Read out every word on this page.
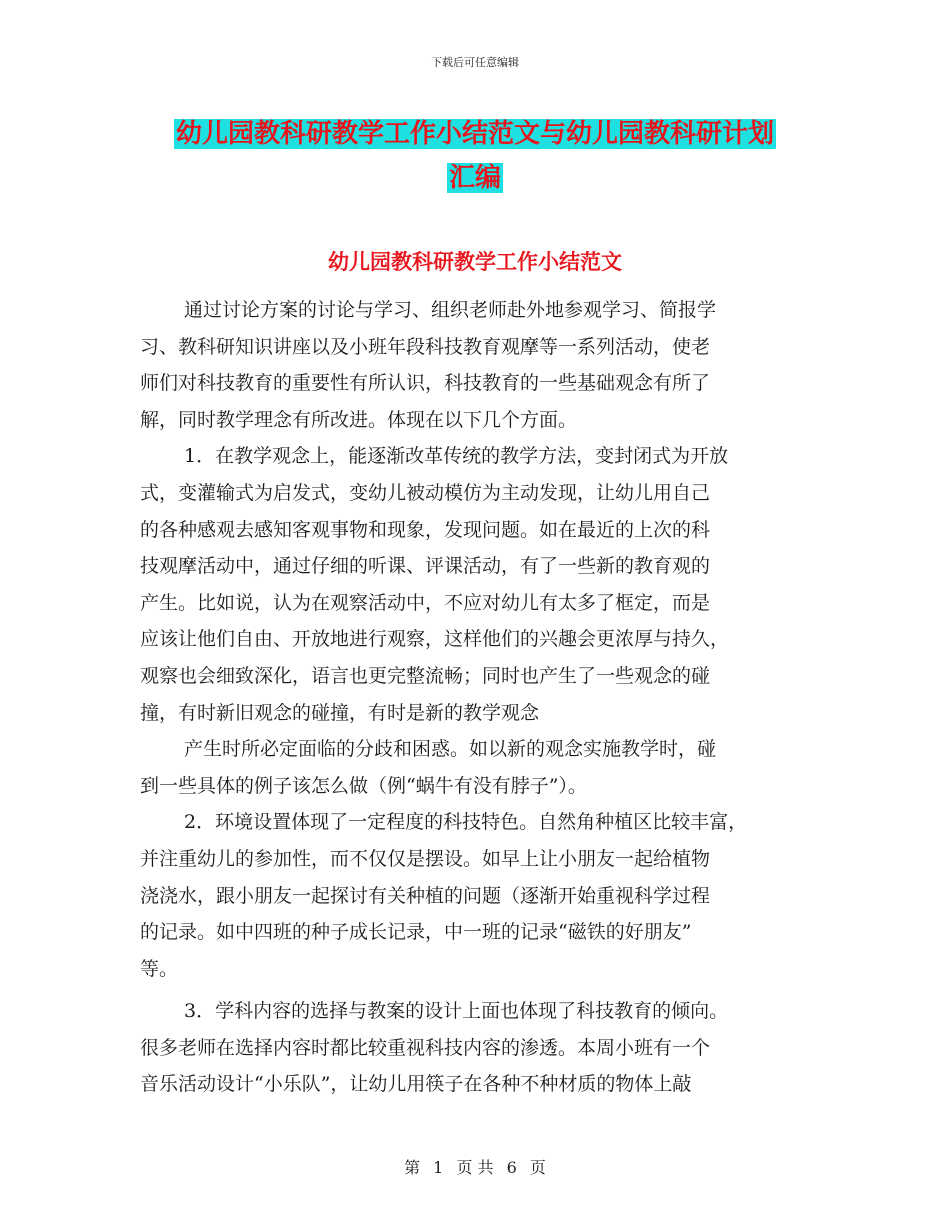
下载后可任意编辑
幼儿园教科研教学工作小结范文与幼儿园教科研计划
汇编
幼儿园教科研教学工作小结范文
通过讨论方案的讨论与学习、组织老师赴外地参观学习、简报学
习、教科研知识讲座以及小班年段科技教育观摩等一系列活动，使老
师们对科技教育的重要性有所认识，科技教育的一些基础观念有所了
解，同时教学理念有所改进。体现在以下几个方面。
1．在教学观念上，能逐渐改革传统的教学方法，变封闭式为开放
式，变灌输式为启发式，变幼儿被动模仿为主动发现，让幼儿用自己
的各种感观去感知客观事物和现象，发现问题。如在最近的上次的科
技观摩活动中，通过仔细的听课、评课活动，有了一些新的教育观的
产生。比如说，认为在观察活动中，不应对幼儿有太多了框定，而是
应该让他们自由、开放地进行观察，这样他们的兴趣会更浓厚与持久，
观察也会细致深化，语言也更完整流畅；同时也产生了一些观念的碰
撞，有时新旧观念的碰撞，有时是新的教学观念
产生时所必定面临的分歧和困惑。如以新的观念实施教学时，碰
到一些具体的例子该怎么做（例“蜗牛有没有脖子”）。
2．环境设置体现了一定程度的科技特色。自然角种植区比较丰富，
并注重幼儿的参加性，而不仅仅是摆设。如早上让小朋友一起给植物
浇浇水，跟小朋友一起探讨有关种植的问题（逐渐开始重视科学过程
的记录。如中四班的种子成长记录，中一班的记录“磁铁的好朋友”
等。
3．学科内容的选择与教案的设计上面也体现了科技教育的倾向。
很多老师在选择内容时都比较重视科技内容的渗透。本周小班有一个
音乐活动设计“小乐队”，让幼儿用筷子在各种不种材质的物体上敲
第 1 页 共 6 页
